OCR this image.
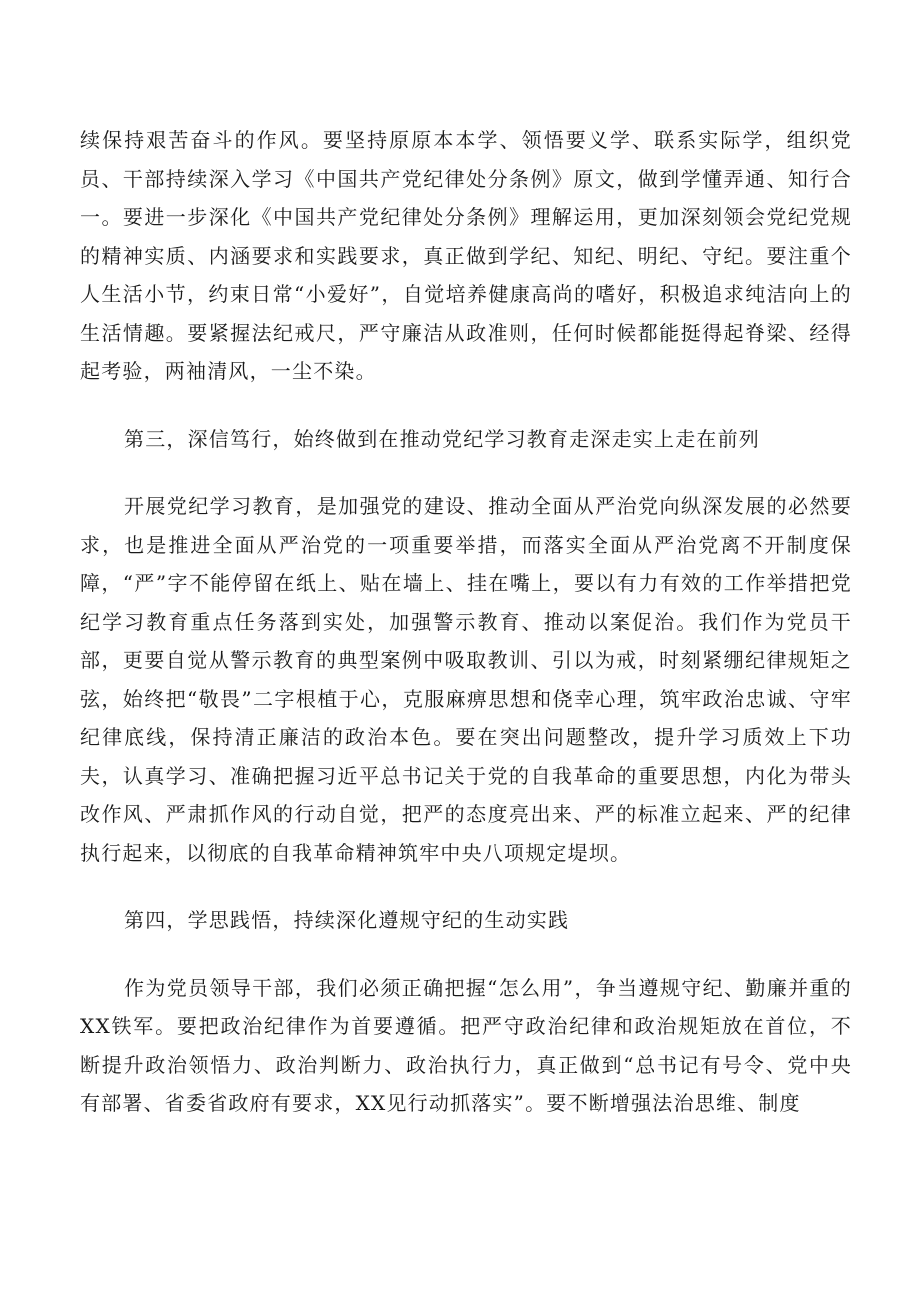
续保持艰苦奋斗的作风。要坚持原原本本学、领悟要义学、联系实际学，组织党员、干部持续深入学习《中国共产党纪律处分条例》原文，做到学懂弄通、知行合一。要进一步深化《中国共产党纪律处分条例》理解运用，更加深刻领会党纪党规的精神实质、内涵要求和实践要求，真正做到学纪、知纪、明纪、守纪。要注重个人生活小节，约束日常“小爱好”，自觉培养健康高尚的嗜好，积极追求纯洁向上的生活情趣。要紧握法纪戒尺，严守廉洁从政准则，任何时候都能挺得起脊梁、经得起考验，两袖清风，一尘不染。

第三，深信笃行，始终做到在推动党纪学习教育走深走实上走在前列

开展党纪学习教育，是加强党的建设、推动全面从严治党向纵深发展的必然要求，也是推进全面从严治党的一项重要举措，而落实全面从严治党离不开制度保障，“严”字不能停留在纸上、贴在墙上、挂在嘴上，要以有力有效的工作举措把党纪学习教育重点任务落到实处，加强警示教育、推动以案促治。我们作为党员干部，更要自觉从警示教育的典型案例中吸取教训、引以为戒，时刻紧绷纪律规矩之弦，始终把“敬畏”二字根植于心，克服麻痹思想和侥幸心理，筑牢政治忠诚、守牢纪律底线，保持清正廉洁的政治本色。要在突出问题整改，提升学习质效上下功夫，认真学习、准确把握习近平总书记关于党的自我革命的重要思想，内化为带头改作风、严肃抓作风的行动自觉，把严的态度亮出来、严的标准立起来、严的纪律执行起来，以彻底的自我革命精神筑牢中央八项规定堤坝。

第四，学思践悟，持续深化遵规守纪的生动实践

作为党员领导干部，我们必须正确把握“怎么用”，争当遵规守纪、勤廉并重的XX铁军。要把政治纪律作为首要遵循。把严守政治纪律和政治规矩放在首位，不断提升政治领悟力、政治判断力、政治执行力，真正做到“总书记有号令、党中央有部署、省委省政府有要求，XX见行动抓落实”。要不断增强法治思维、制度
